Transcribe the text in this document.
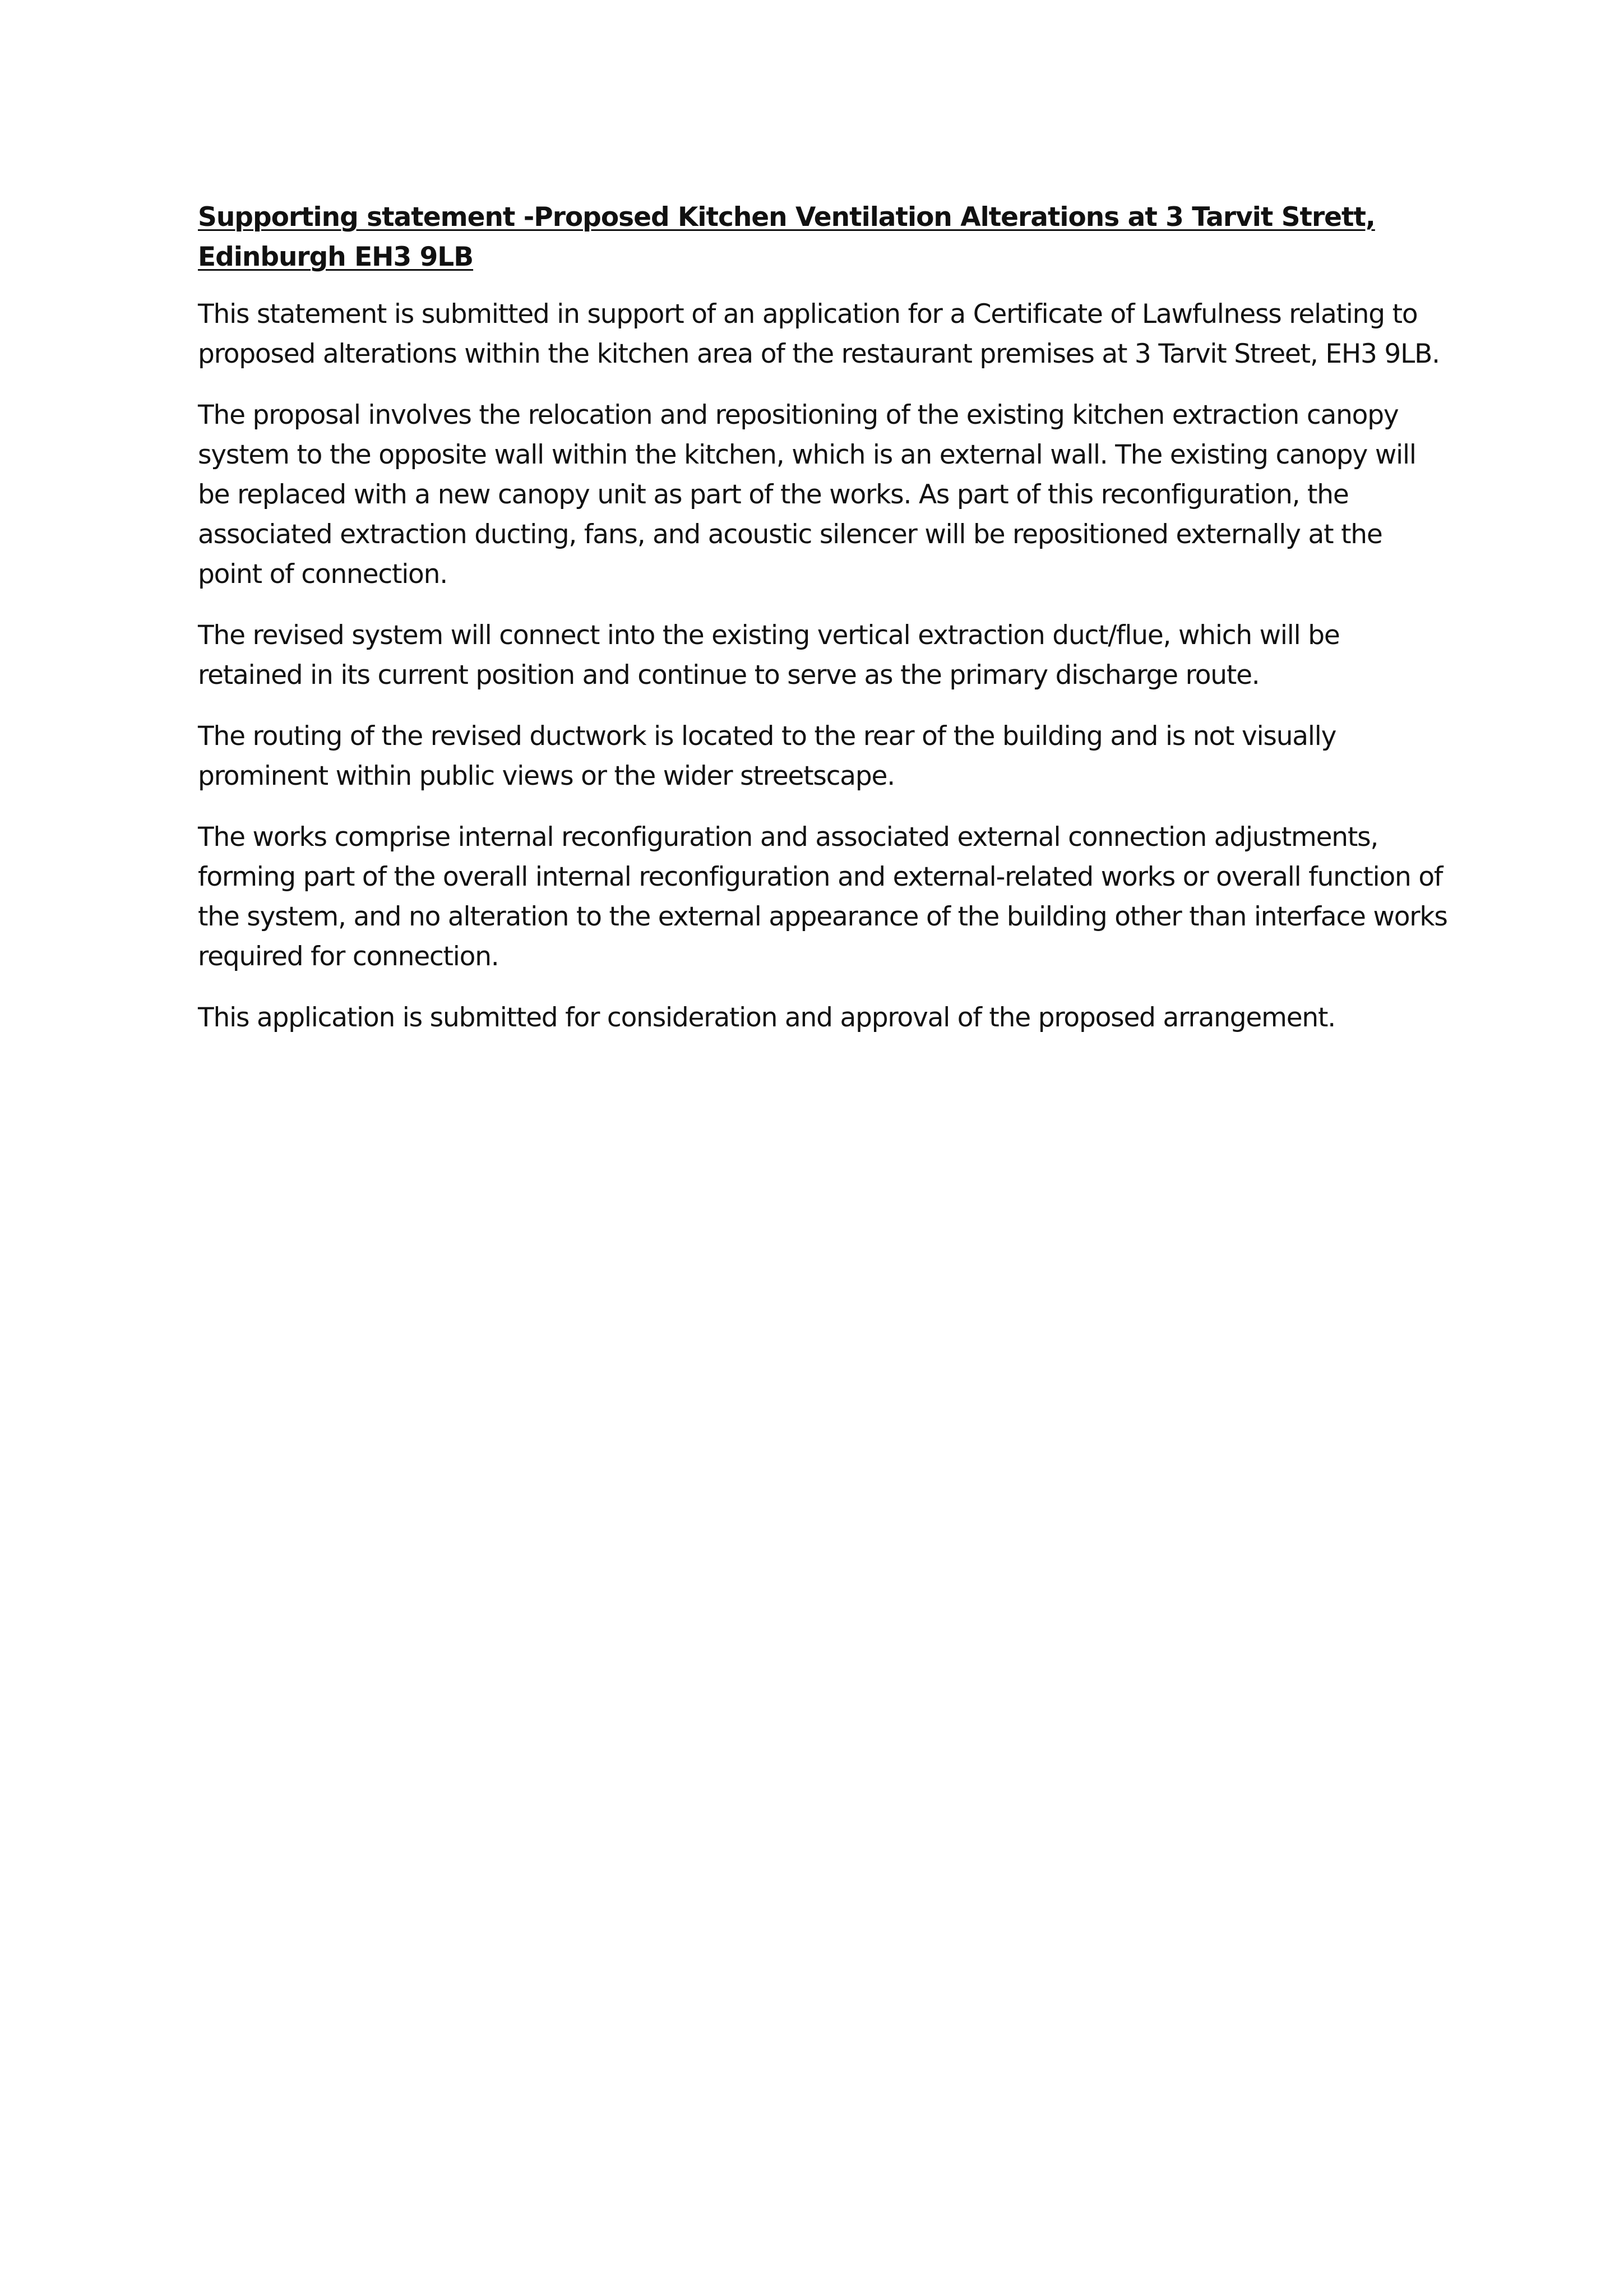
Supporting statement -Proposed Kitchen Ventilation Alterations at 3 Tarvit Strett,
Edinburgh EH3 9LB

This statement is submitted in support of an application for a Certificate of Lawfulness relating to proposed alterations within the kitchen area of the restaurant premises at 3 Tarvit Street, EH3 9LB.

The proposal involves the relocation and repositioning of the existing kitchen extraction canopy system to the opposite wall within the kitchen, which is an external wall. The existing canopy will be replaced with a new canopy unit as part of the works. As part of this reconfiguration, the associated extraction ducting, fans, and acoustic silencer will be repositioned externally at the point of connection.

The revised system will connect into the existing vertical extraction duct/flue, which will be retained in its current position and continue to serve as the primary discharge route.

The routing of the revised ductwork is located to the rear of the building and is not visually prominent within public views or the wider streetscape.

The works comprise internal reconfiguration and associated external connection adjustments, forming part of the overall internal reconfiguration and external-related works or overall function of the system, and no alteration to the external appearance of the building other than interface works required for connection.

This application is submitted for consideration and approval of the proposed arrangement.
